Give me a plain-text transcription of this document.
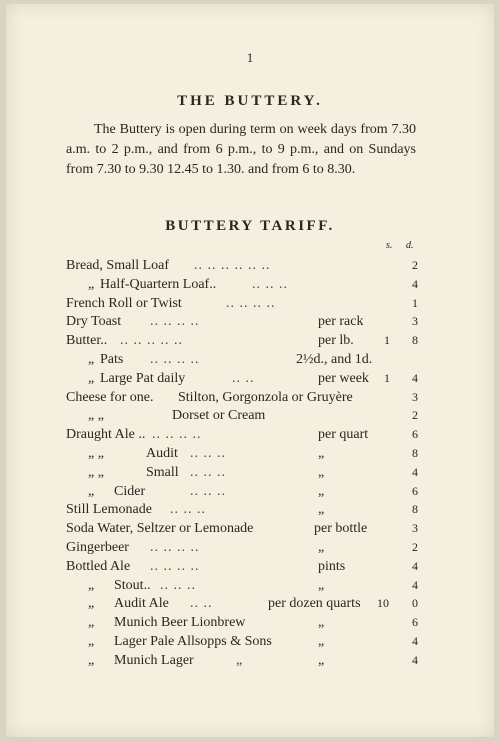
1
THE BUTTERY.
The Buttery is open during term on week days from 7.30 a.m. to 2 p.m., and from 6 p.m., to 9 p.m., and on Sundays from 7.30 to 9.30 12.45 to 1.30. and from 6 to 8.30.
BUTTERY TARIFF.
s. d.
Bread, Small Loaf .. .. .. .. .. ..	2
„ Half-Quartern Loaf..	.. .. ..	4
French Roll or Twist	.. .. .. ..	1
Dry Toast .. .. .. ..	per rack	3
Butter.. .. .. .. .. ..	per lb.	1	8
„ Pats .. .. .. ..	2½d., and 1d.
„ Large Pat daily	.. ..	per week	1	4
Cheese for one. Stilton, Gorgonzola or Gruyère	3
„ „	Dorset or Cream	2
Draught Ale .. .. .. .. ..	per quart	6
„ „	Audit .. .. ..	„	8
„ „	Small .. .. ..	„	4
„ Cider	.. .. ..	„	6
Still Lemonade .. .. ..	„	8
Soda Water, Seltzer or Lemonade	per bottle	3
Gingerbeer .. .. .. ..	„	2
Bottled Ale .. .. .. ..	pints	4
„ Stout.. .. .. ..	„	4
„ Audit Ale .. ..	per dozen quarts 10	0
„ Munich Beer Lionbrew	„	6
„ Lager Pale Allsopps & Sons	„	4
„ Munich Lager	„	„	4
